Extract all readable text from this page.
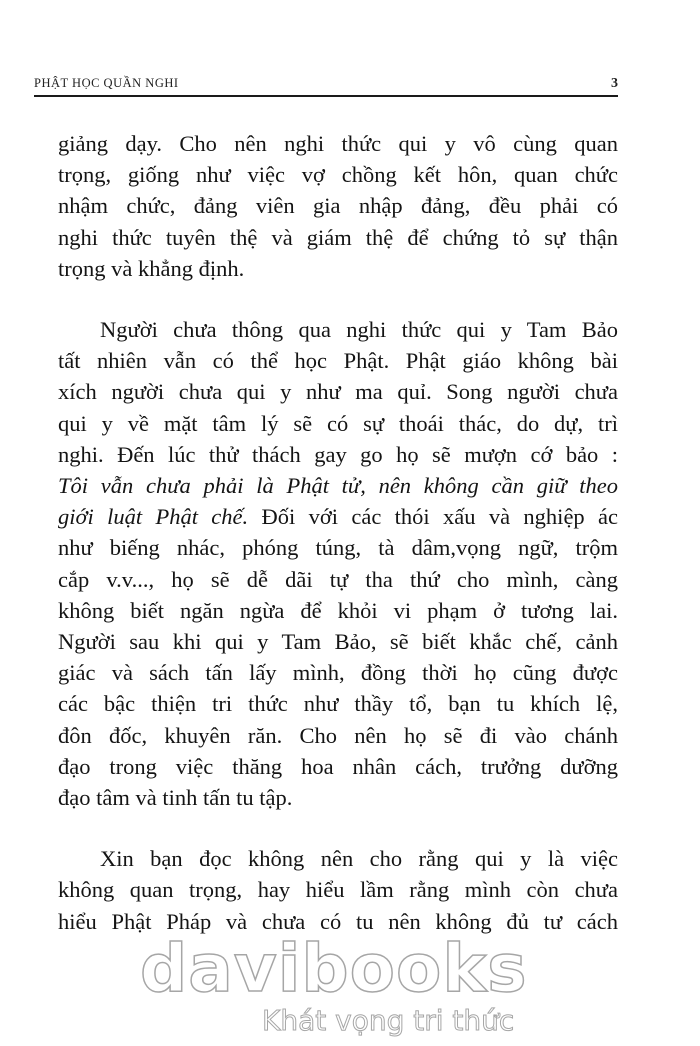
PHẬT HỌC QUẦN NGHI	3

giảng dạy. Cho nên nghi thức qui y vô cùng quan
trọng, giống như việc vợ chồng kết hôn, quan chức
nhậm chức, đảng viên gia nhập đảng, đều phải có
nghi thức tuyên thệ và giám thệ để chứng tỏ sự thận
trọng và khẳng định.

Người chưa thông qua nghi thức qui y Tam Bảo
tất nhiên vẫn có thể học Phật. Phật giáo không bài
xích người chưa qui y như ma quỉ. Song người chưa
qui y về mặt tâm lý sẽ có sự thoái thác, do dự, trì
nghi. Đến lúc thử thách gay go họ sẽ mượn cớ bảo :
Tôi vẫn chưa phải là Phật tử, nên không cần giữ theo
giới luật Phật chế. Đối với các thói xấu và nghiệp ác
như biếng nhác, phóng túng, tà dâm,vọng ngữ, trộm
cắp v.v..., họ sẽ dễ dãi tự tha thứ cho mình, càng
không biết ngăn ngừa để khỏi vi phạm ở tương lai.
Người sau khi qui y Tam Bảo, sẽ biết khắc chế, cảnh
giác và sách tấn lấy mình, đồng thời họ cũng được
các bậc thiện tri thức như thầy tổ, bạn tu khích lệ,
đôn đốc, khuyên răn. Cho nên họ sẽ đi vào chánh
đạo trong việc thăng hoa nhân cách, trưởng dưỡng
đạo tâm và tinh tấn tu tập.

Xin bạn đọc không nên cho rằng qui y là việc
không quan trọng, hay hiểu lầm rằng mình còn chưa
hiểu Phật Pháp và chưa có tu nên không đủ tư cách

davibooks
Khát vọng tri thức
